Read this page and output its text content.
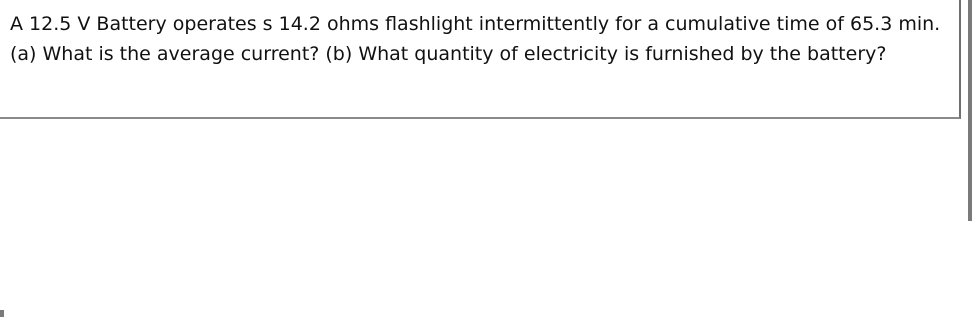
A 12.5 V Battery operates s 14.2 ohms flashlight intermittently for a cumulative time of 65.3 min. (a) What is the average current? (b) What quantity of electricity is furnished by the battery?
